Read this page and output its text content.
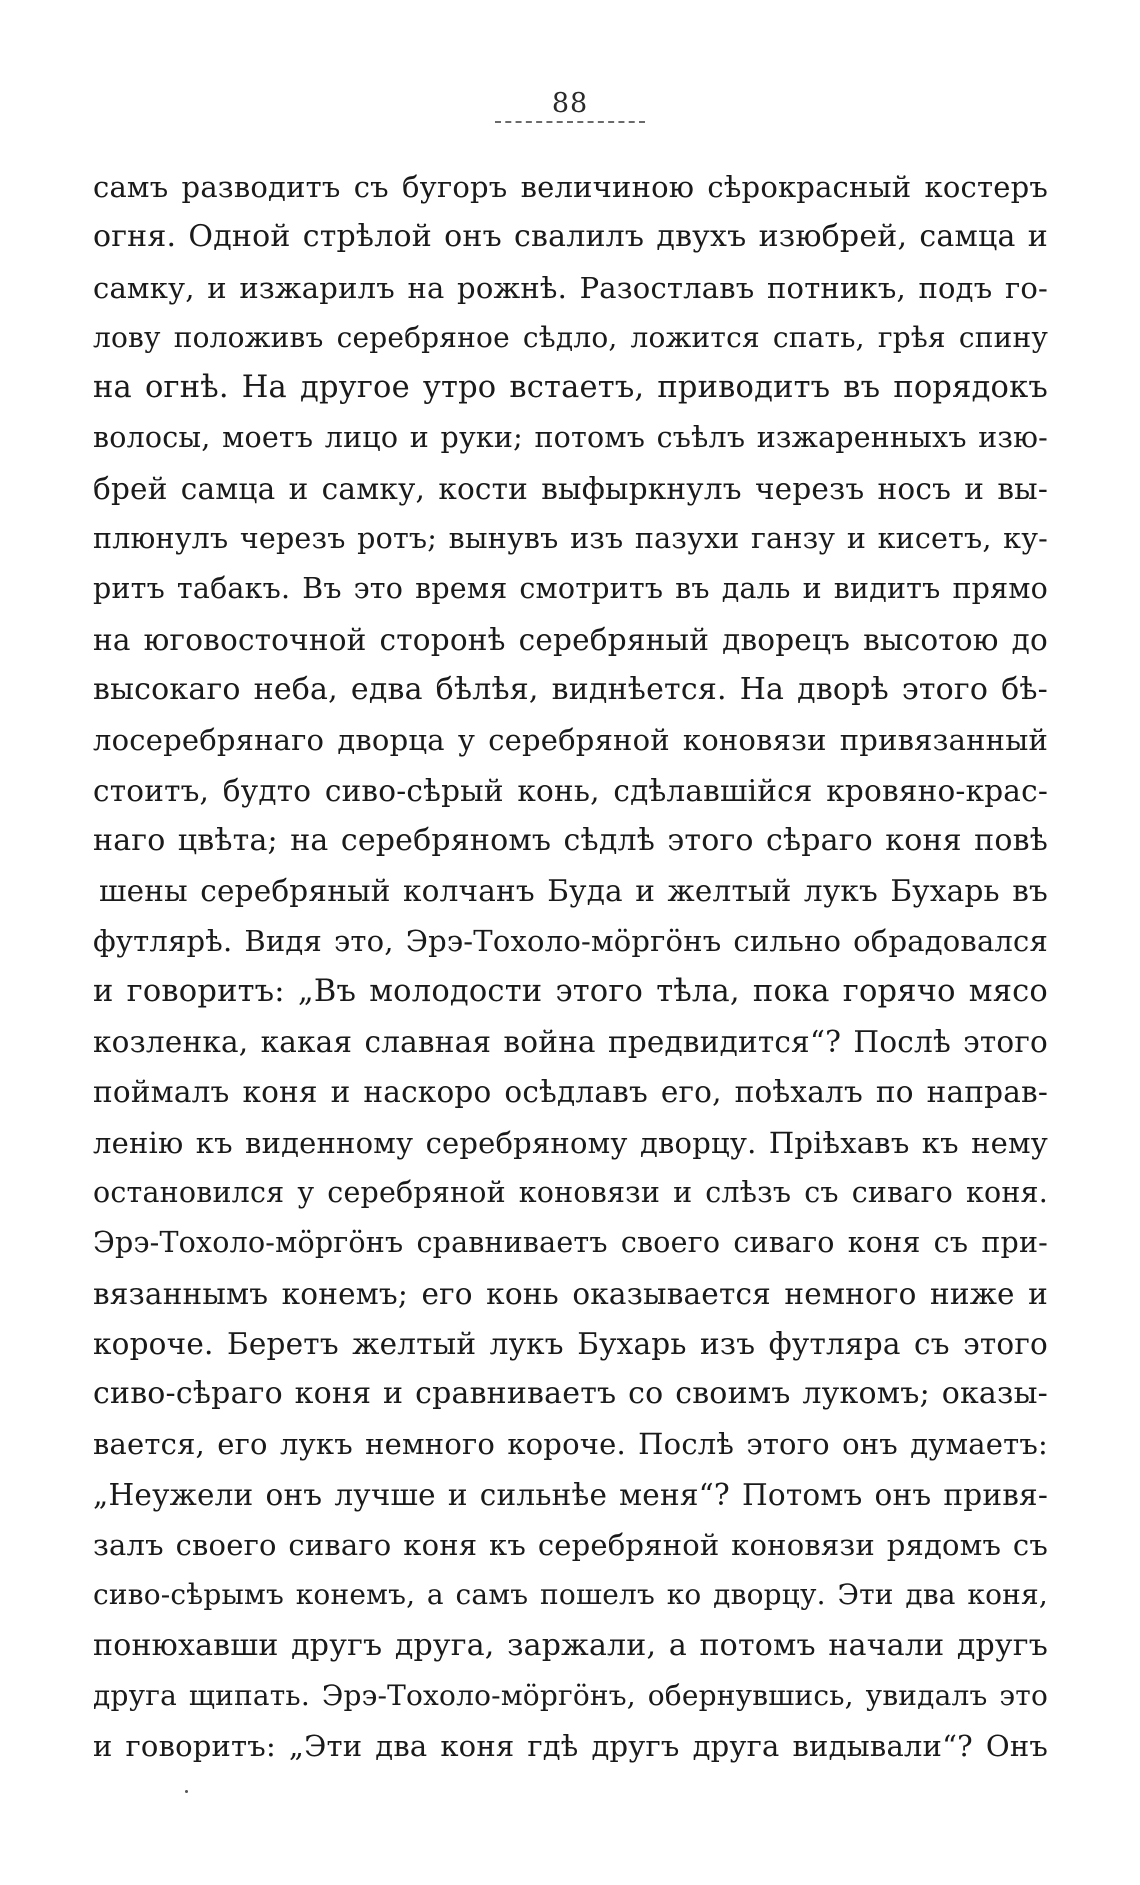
88
самъ разводитъ съ бугоръ величиною сѣрокрасный костеръ
огня. Одной стрѣлой онъ свалилъ двухъ изюбрей, самца и
самку, и изжарилъ на рожнѣ. Разостлавъ потникъ, подъ го-
лову положивъ серебряное сѣдло, ложится спать, грѣя спину
на огнѣ. На другое утро встаетъ, приводитъ въ порядокъ
волосы, моетъ лицо и руки; потомъ съѣлъ изжаренныхъ изю-
брей самца и самку, кости выфыркнулъ черезъ носъ и вы-
плюнулъ черезъ ротъ; вынувъ изъ пазухи ганзу и кисетъ, ку-
ритъ табакъ. Въ это время смотритъ въ даль и видитъ прямо
на юговосточной сторонѣ серебряный дворецъ высотою до
высокаго неба, едва бѣлѣя, виднѣется. На дворѣ этого бѣ-
лосеребрянаго дворца у серебряной коновязи привязанный
стоитъ, будто сиво-сѣрый конь, сдѣлавшійся кровяно-крас-
наго цвѣта; на серебряномъ сѣдлѣ этого сѣраго коня повѣ
шены серебряный колчанъ Буда и желтый лукъ Бухарь въ
футлярѣ. Видя это, Эрэ-Тохоло-мöргöнъ сильно обрадовался
и говоритъ: „Въ молодости этого тѣла, пока горячо мясо
козленка, какая славная война предвидится“? Послѣ этого
поймалъ коня и наскоро осѣдлавъ его, поѣхалъ по направ-
ленію къ виденному серебряному дворцу. Пріѣхавъ къ нему
остановился у серебряной коновязи и слѣзъ съ сиваго коня.
Эрэ-Тохоло-мöргöнъ сравниваетъ своего сиваго коня съ при-
вязаннымъ конемъ; его конь оказывается немного ниже и
короче. Беретъ желтый лукъ Бухарь изъ футляра съ этого
сиво-сѣраго коня и сравниваетъ со своимъ лукомъ; оказы-
вается, его лукъ немного короче. Послѣ этого онъ думаетъ:
„Неужели онъ лучше и сильнѣе меня“? Потомъ онъ привя-
залъ своего сиваго коня къ серебряной коновязи рядомъ съ
сиво-сѣрымъ конемъ, а самъ пошелъ ко дворцу. Эти два коня,
понюхавши другъ друга, заржали, а потомъ начали другъ
друга щипать. Эрэ-Тохоло-мöргöнъ, обернувшись, увидалъ это
и говоритъ: „Эти два коня гдѣ другъ друга видывали“? Онъ
